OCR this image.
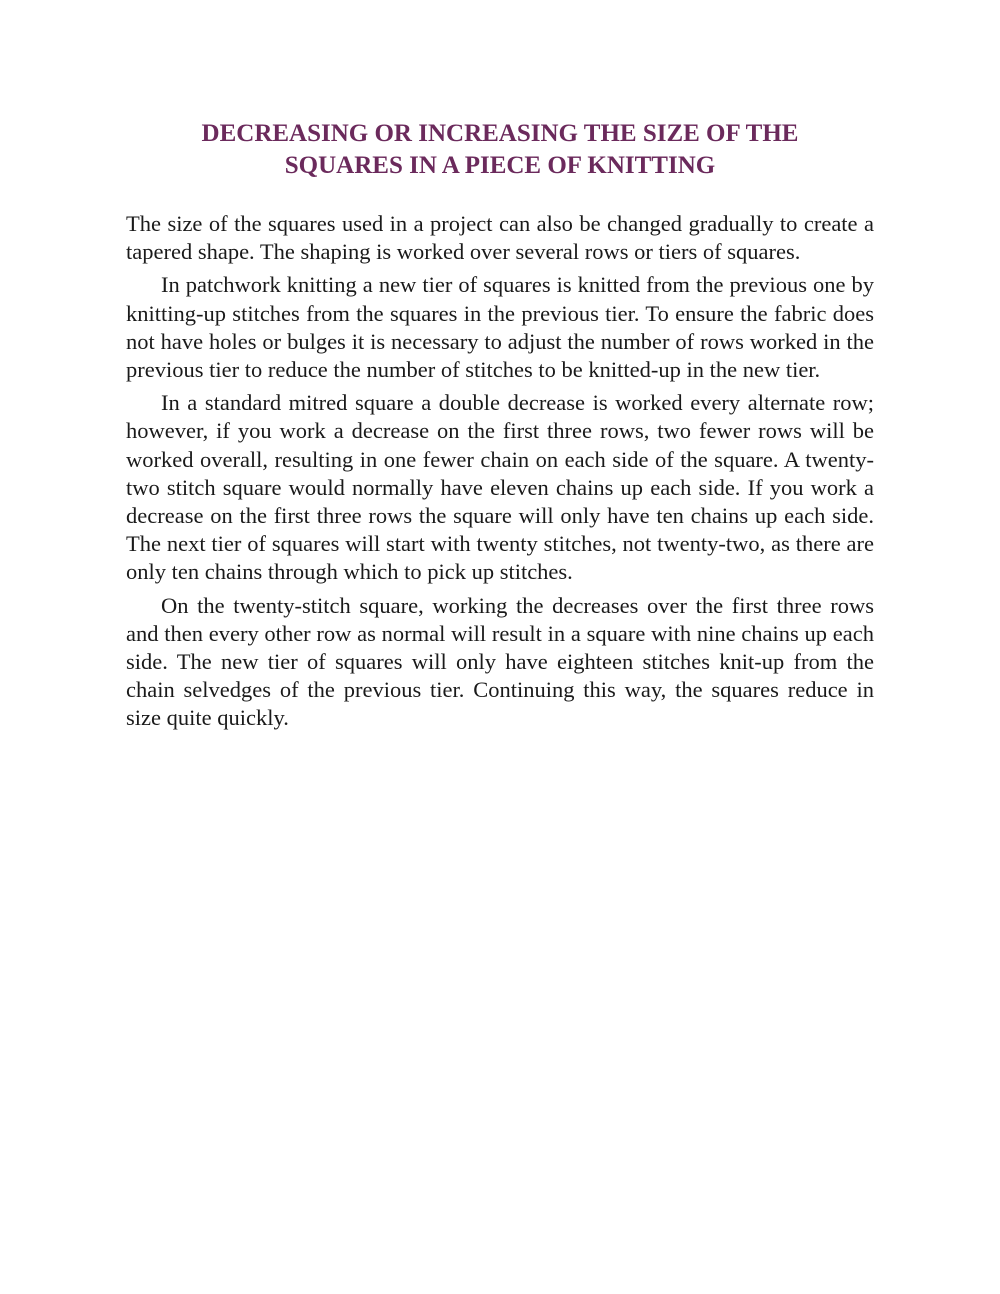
DECREASING OR INCREASING THE SIZE OF THE
SQUARES IN A PIECE OF KNITTING

The size of the squares used in a project can also be changed gradually to create a tapered shape. The shaping is worked over several rows or tiers of squares.

In patchwork knitting a new tier of squares is knitted from the previous one by knitting-up stitches from the squares in the previous tier. To ensure the fabric does not have holes or bulges it is necessary to adjust the number of rows worked in the previous tier to reduce the number of stitches to be knitted-up in the new tier.

In a standard mitred square a double decrease is worked every alternate row; however, if you work a decrease on the first three rows, two fewer rows will be worked overall, resulting in one fewer chain on each side of the square. A twenty-two stitch square would normally have eleven chains up each side. If you work a decrease on the first three rows the square will only have ten chains up each side. The next tier of squares will start with twenty stitches, not twenty-two, as there are only ten chains through which to pick up stitches.

On the twenty-stitch square, working the decreases over the first three rows and then every other row as normal will result in a square with nine chains up each side. The new tier of squares will only have eighteen stitches knit-up from the chain selvedges of the previous tier. Continuing this way, the squares reduce in size quite quickly.
